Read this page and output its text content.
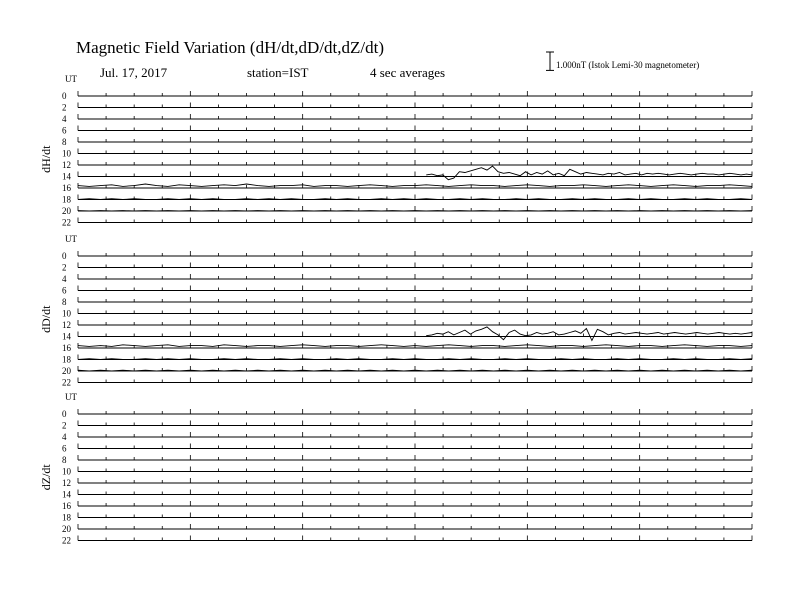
Magnetic Field Variation (dH/dt,dD/dt,dZ/dt)
Jul. 17, 2017	station=IST	4 sec averages	1.000nT (Istok Lemi-30 magnetometer)
UT
dH/dt
0
2
4
6
8
10
12
14
16
18
20
22
UT
dD/dt
0
2
4
6
8
10
12
14
16
18
20
22
UT
dZ/dt
0
2
4
6
8
10
12
14
16
18
20
22
